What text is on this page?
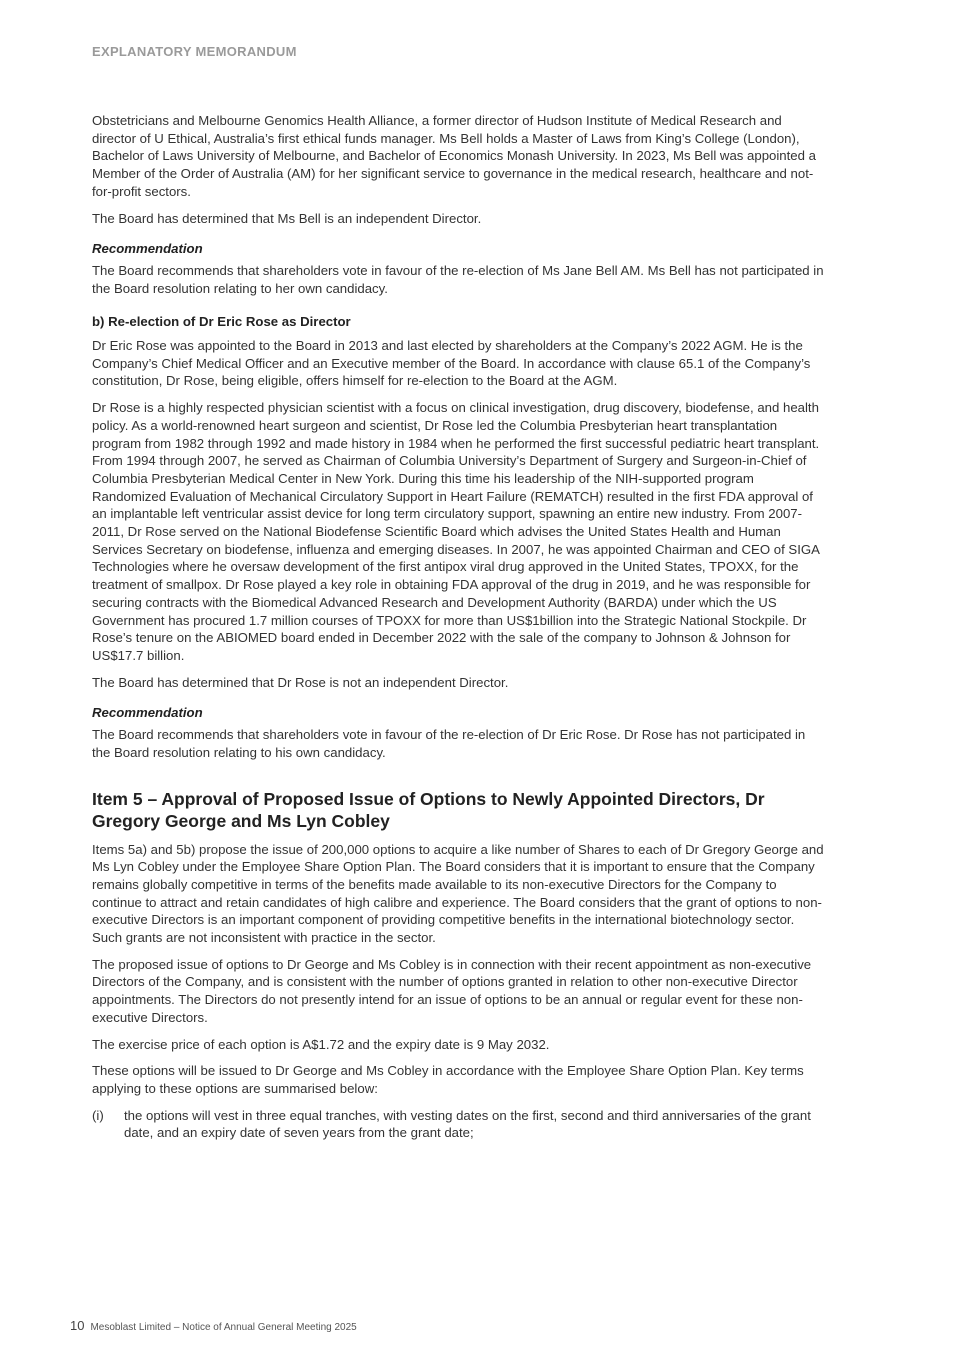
EXPLANATORY MEMORANDUM

Obstetricians and Melbourne Genomics Health Alliance, a former director of Hudson Institute of Medical Research and director of U Ethical, Australia’s first ethical funds manager. Ms Bell holds a Master of Laws from King’s College (London), Bachelor of Laws University of Melbourne, and Bachelor of Economics Monash University. In 2023, Ms Bell was appointed a Member of the Order of Australia (AM) for her significant service to governance in the medical research, healthcare and not-for-profit sectors.

The Board has determined that Ms Bell is an independent Director.

Recommendation

The Board recommends that shareholders vote in favour of the re-election of Ms Jane Bell AM. Ms Bell has not participated in the Board resolution relating to her own candidacy.

b) Re-election of Dr Eric Rose as Director

Dr Eric Rose was appointed to the Board in 2013 and last elected by shareholders at the Company’s 2022 AGM. He is the Company’s Chief Medical Officer and an Executive member of the Board. In accordance with clause 65.1 of the Company’s constitution, Dr Rose, being eligible, offers himself for re-election to the Board at the AGM.

Dr Rose is a highly respected physician scientist with a focus on clinical investigation, drug discovery, biodefense, and health policy. As a world-renowned heart surgeon and scientist, Dr Rose led the Columbia Presbyterian heart transplantation program from 1982 through 1992 and made history in 1984 when he performed the first successful pediatric heart transplant. From 1994 through 2007, he served as Chairman of Columbia University’s Department of Surgery and Surgeon-in-Chief of Columbia Presbyterian Medical Center in New York. During this time his leadership of the NIH-supported program Randomized Evaluation of Mechanical Circulatory Support in Heart Failure (REMATCH) resulted in the first FDA approval of an implantable left ventricular assist device for long term circulatory support, spawning an entire new industry. From 2007-2011, Dr Rose served on the National Biodefense Scientific Board which advises the United States Health and Human Services Secretary on biodefense, influenza and emerging diseases. In 2007, he was appointed Chairman and CEO of SIGA Technologies where he oversaw development of the first antipox viral drug approved in the United States, TPOXX, for the treatment of smallpox. Dr Rose played a key role in obtaining FDA approval of the drug in 2019, and he was responsible for securing contracts with the Biomedical Advanced Research and Development Authority (BARDA) under which the US Government has procured 1.7 million courses of TPOXX for more than US$1billion into the Strategic National Stockpile. Dr Rose’s tenure on the ABIOMED board ended in December 2022 with the sale of the company to Johnson & Johnson for US$17.7 billion.

The Board has determined that Dr Rose is not an independent Director.

Recommendation

The Board recommends that shareholders vote in favour of the re-election of Dr Eric Rose. Dr Rose has not participated in the Board resolution relating to his own candidacy.

Item 5 – Approval of Proposed Issue of Options to Newly Appointed Directors, Dr Gregory George and Ms Lyn Cobley

Items 5a) and 5b) propose the issue of 200,000 options to acquire a like number of Shares to each of Dr Gregory George and Ms Lyn Cobley under the Employee Share Option Plan. The Board considers that it is important to ensure that the Company remains globally competitive in terms of the benefits made available to its non-executive Directors for the Company to continue to attract and retain candidates of high calibre and experience. The Board considers that the grant of options to non-executive Directors is an important component of providing competitive benefits in the international biotechnology sector. Such grants are not inconsistent with practice in the sector.

The proposed issue of options to Dr George and Ms Cobley is in connection with their recent appointment as non-executive Directors of the Company, and is consistent with the number of options granted in relation to other non-executive Director appointments. The Directors do not presently intend for an issue of options to be an annual or regular event for these non-executive Directors.

The exercise price of each option is A$1.72 and the expiry date is 9 May 2032.

These options will be issued to Dr George and Ms Cobley in accordance with the Employee Share Option Plan. Key terms applying to these options are summarised below:

(i)	the options will vest in three equal tranches, with vesting dates on the first, second and third anniversaries of the grant date, and an expiry date of seven years from the grant date;
10 Mesoblast Limited – Notice of Annual General Meeting 2025
